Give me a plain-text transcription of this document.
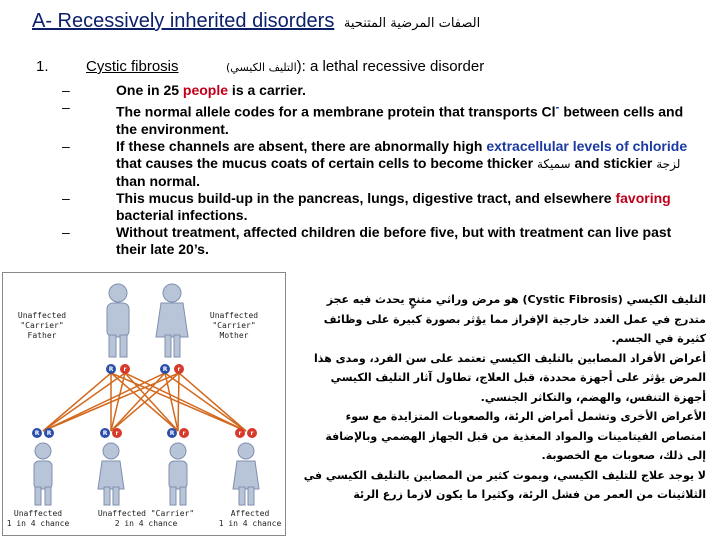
A- Recessively inherited disorders الصفات المرضية المتنحية
1. Cystic fibrosis	(التليف الكيسي): a lethal recessive disorder
–	One in 25 people is a carrier.
–	The normal allele codes for a membrane protein that transports Cl- between cells and the environment.
–	If these channels are absent, there are abnormally high extracellular levels of chloride that causes the mucus coats of certain cells to become thicker سميكة and stickier لزجة than normal.
–	This mucus build-up in the pancreas, lungs, digestive tract, and elsewhere favoring bacterial infections.
–	Without treatment, affected children die before five, but with treatment can live past their late 20’s.
R r	R r
R R	R r	R r	r r
Unaffected
"Carrier"
Father
Unaffected
"Carrier"
Mother
Unaffected
1 in 4 chance
Unaffected "Carrier"
2 in 4 chance
Affected
1 in 4 chance
التليف الكيسي (Cystic Fibrosis) هو مرض وراثي متنحٍ يحدث فيه عجز
متدرج في عمل الغدد خارجية الإفراز مما يؤثر بصورة كبيرة على وظائف
كثيرة في الجسم.
أعراض الأفراد المصابين بالتليف الكيسي تعتمد على سن الفرد، ومدى هذا
المرض يؤثر على أجهزة محددة، قبل العلاج، تطاول آثار التليف الكيسي
أجهزة التنفس، والهضم، والتكاثر الجنسي.
الأعراض الأخرى وتشمل أمراض الرئة، والصعوبات المتزايدة مع سوء
امتصاص الفيتامينات والمواد المغذية من قبل الجهاز الهضمي وبالإضافة
إلى ذلك، صعوبات مع الخصوبة.
لا يوجد علاج للتليف الكيسي، ويموت كثير من المصابين بالتليف الكيسي في
الثلاثينات من العمر من فشل الرئة، وكثيرا ما يكون لازما زرع الرئة
